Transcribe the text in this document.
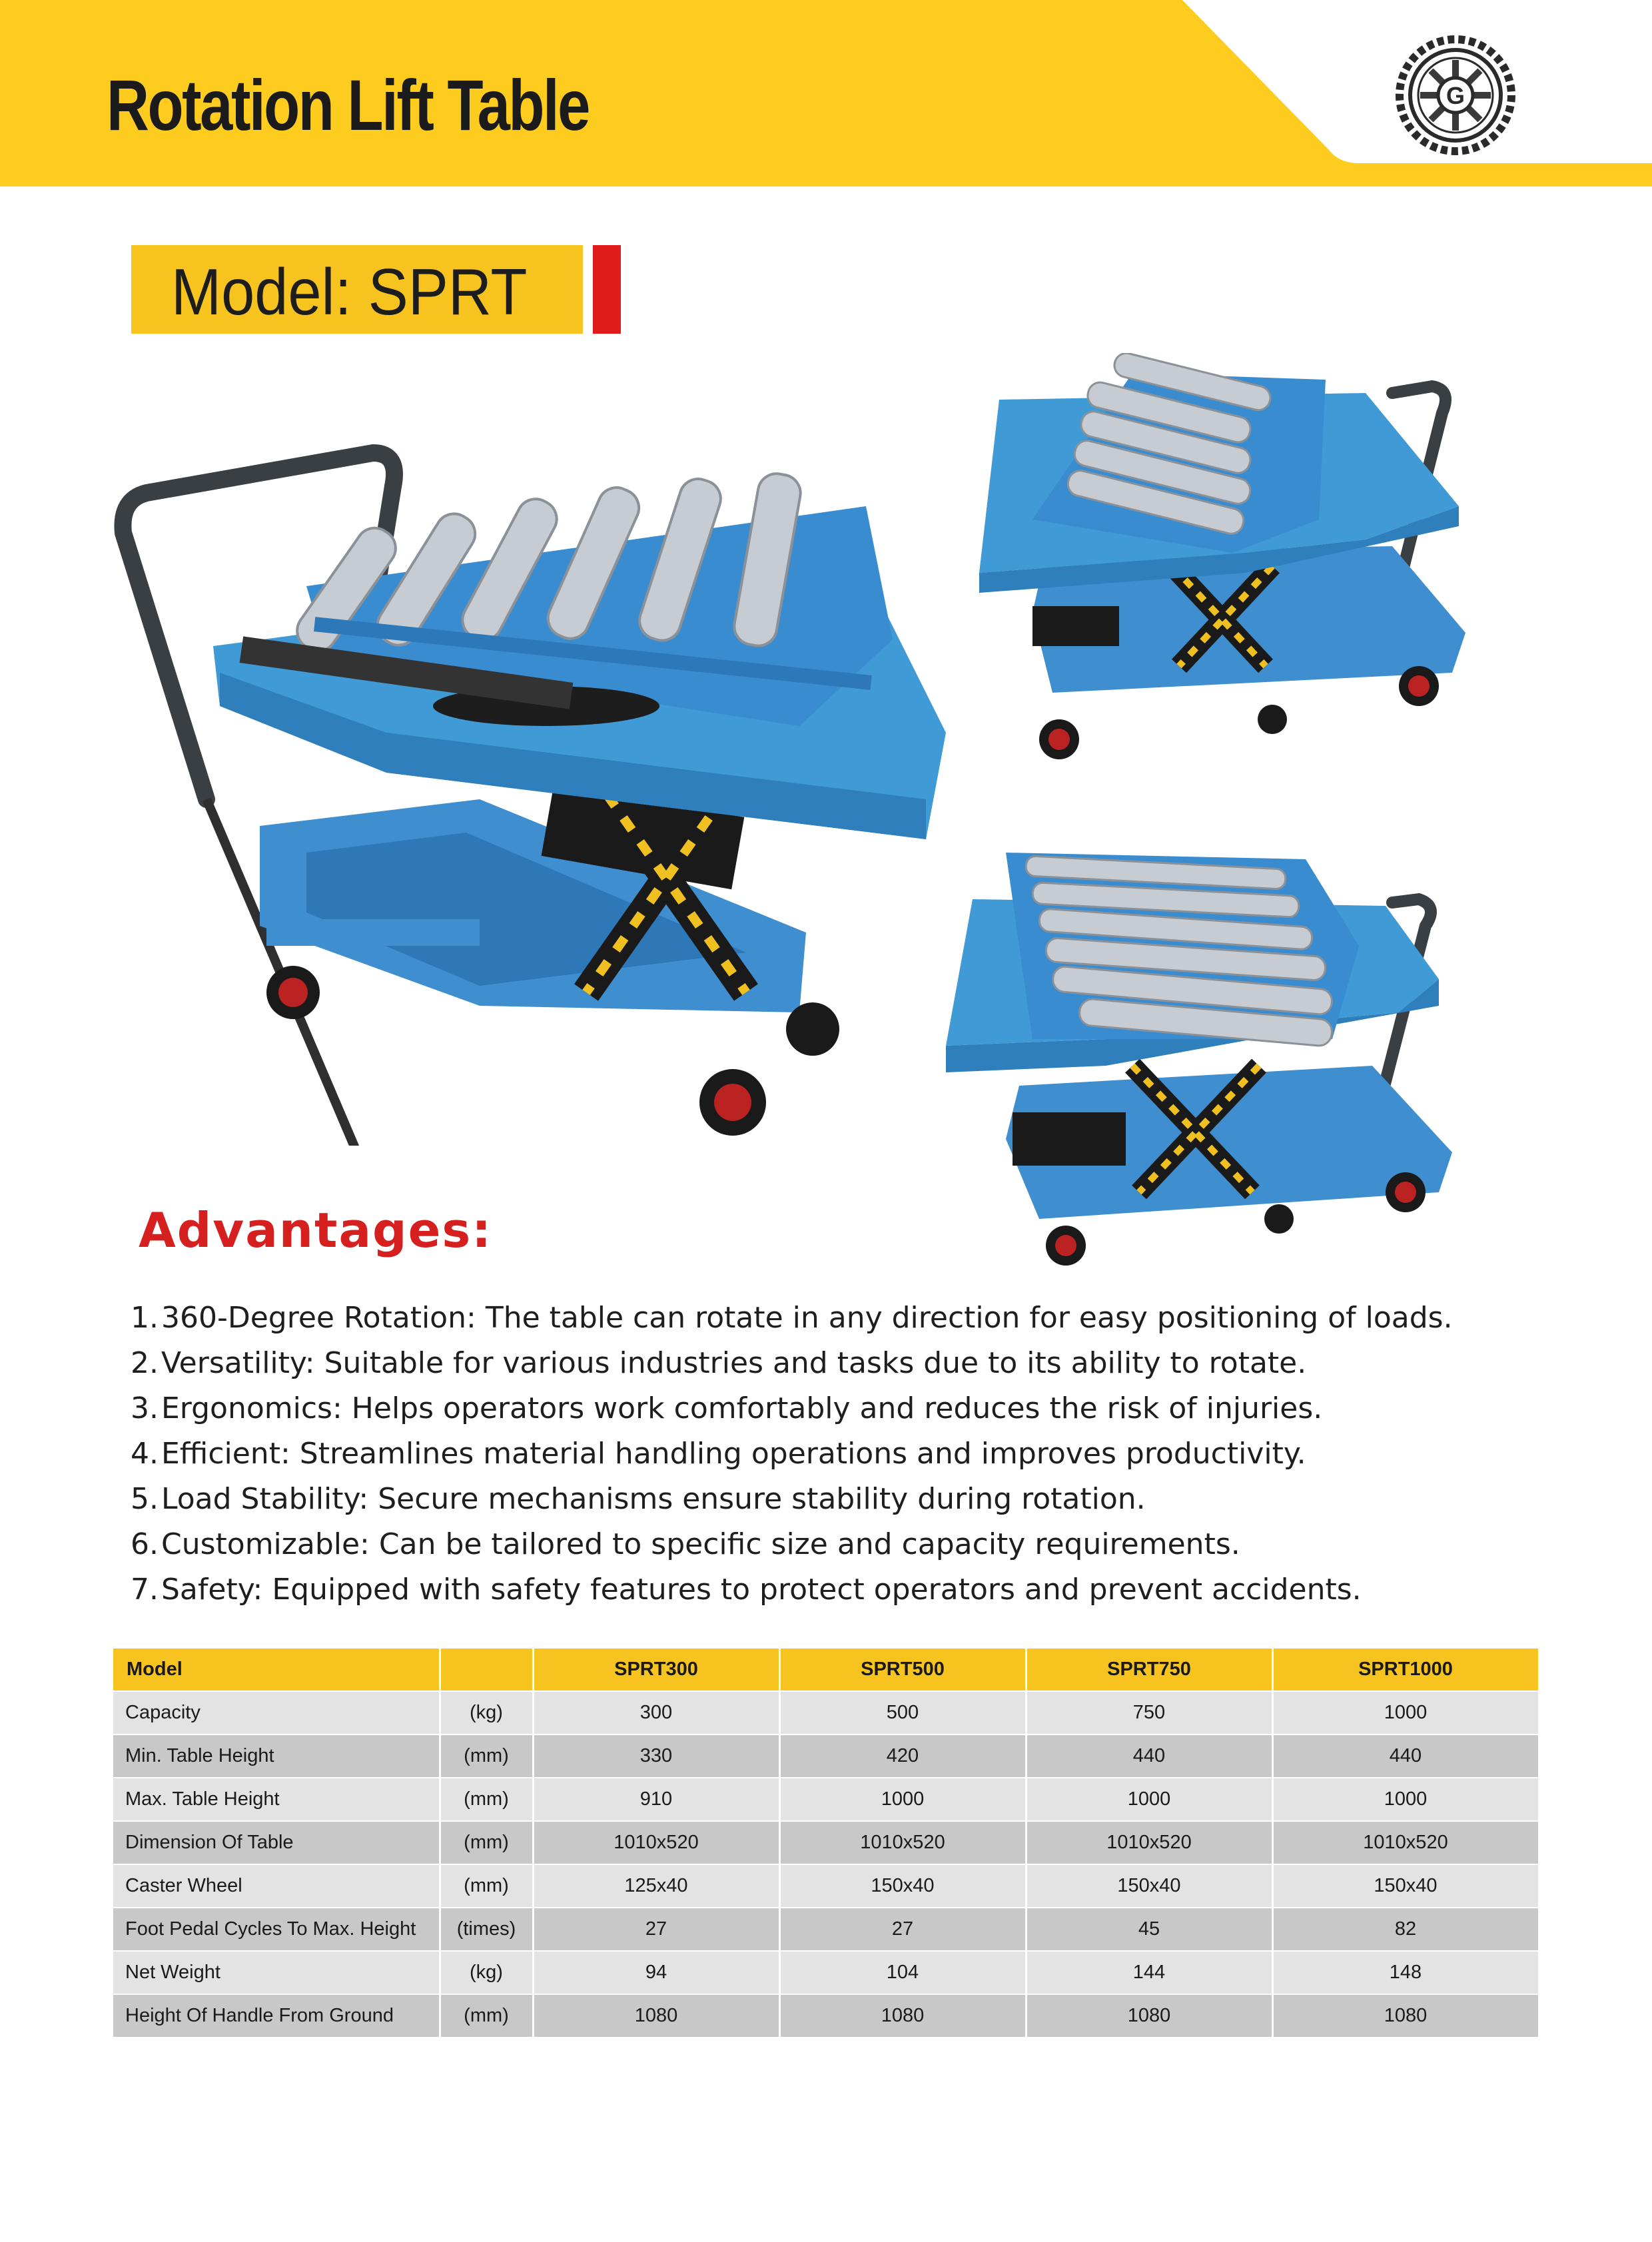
Rotation Lift Table	G
Model: SPRT
Advantages:
1.360-Degree Rotation: The table can rotate in any direction for easy positioning of loads.
2.Versatility: Suitable for various industries and tasks due to its ability to rotate.
3.Ergonomics: Helps operators work comfortably and reduces the risk of injuries.
4.Efficient: Streamlines material handling operations and improves productivity.
5.Load Stability: Secure mechanisms ensure stability during rotation.
6.Customizable: Can be tailored to specific size and capacity requirements.
7.Safety: Equipped with safety features to protect operators and prevent accidents.
Model		SPRT300	SPRT500	SPRT750	SPRT1000
Capacity	(kg)	300	500	750	1000
Min. Table Height	(mm)	330	420	440	440
Max. Table Height	(mm)	910	1000	1000	1000
Dimension Of Table	(mm)	1010x520	1010x520	1010x520	1010x520
Caster Wheel	(mm)	125x40	150x40	150x40	150x40
Foot Pedal Cycles To Max. Height	(times)	27	27	45	82
Net Weight	(kg)	94	104	144	148
Height Of Handle From Ground	(mm)	1080	1080	1080	1080
